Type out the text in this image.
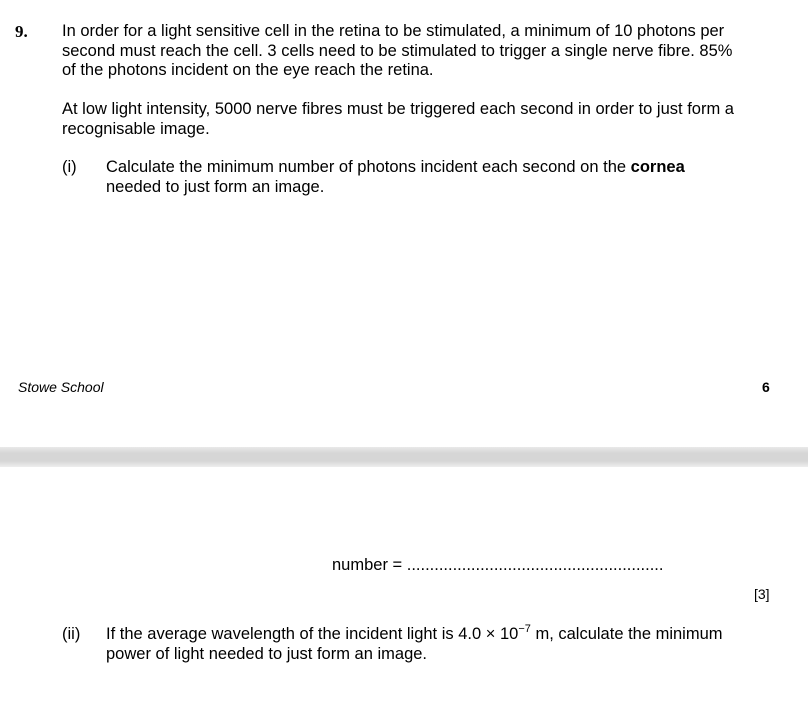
9. In order for a light sensitive cell in the retina to be stimulated, a minimum of 10 photons per second must reach the cell. 3 cells need to be stimulated to trigger a single nerve fibre. 85% of the photons incident on the eye reach the retina.
At low light intensity, 5000 nerve fibres must be triggered each second in order to just form a recognisable image.
(i) Calculate the minimum number of photons incident each second on the cornea
needed to just form an image.
Stowe School	6
number = ........................................................
[3]
(ii) If the average wavelength of the incident light is $4.0 \times 10^{-7}$ m, calculate the minimum power of light needed to just form an image.
